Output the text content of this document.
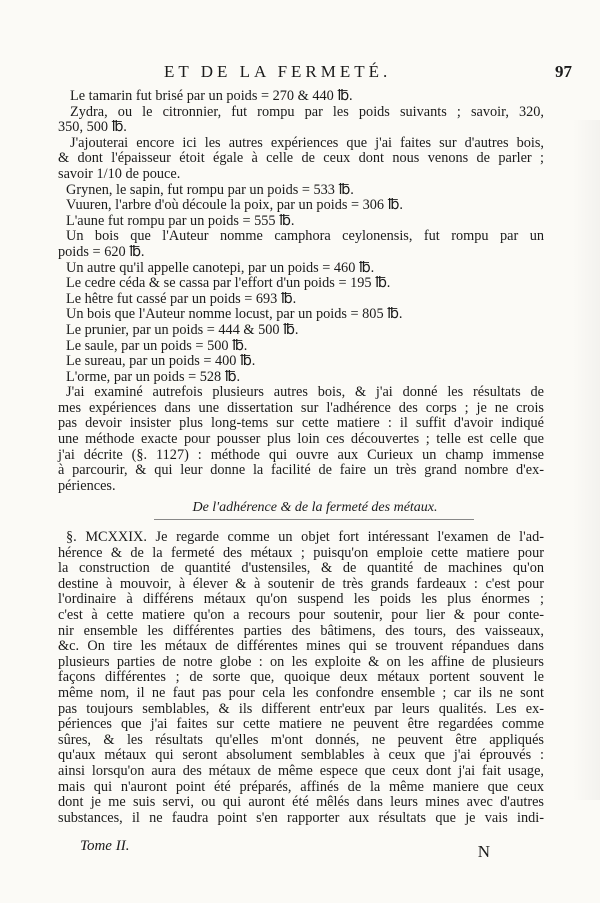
ET DE LA FERMETÉ.	97
Le tamarin fut brisé par un poids = 270 & 440 ℔.
Zydra, ou le citronnier, fut rompu par les poids suivants ; savoir, 320,
350, 500 ℔.
J'ajouterai encore ici les autres expériences que j'ai faites sur d'autres bois,
& dont l'épaisseur étoit égale à celle de ceux dont nous venons de parler ;
savoir 1/10 de pouce.
Grynen, le sapin, fut rompu par un poids = 533 ℔.
Vuuren, l'arbre d'où découle la poix, par un poids = 306 ℔.
L'aune fut rompu par un poids = 555 ℔.
Un bois que l'Auteur nomme camphora ceylonensis, fut rompu par un
poids = 620 ℔.
Un autre qu'il appelle canotepi, par un poids = 460 ℔.
Le cedre céda & se cassa par l'effort d'un poids = 195 ℔.
Le hêtre fut cassé par un poids = 693 ℔.
Un bois que l'Auteur nomme locust, par un poids = 805 ℔.
Le prunier, par un poids = 444 & 500 ℔.
Le saule, par un poids = 500 ℔.
Le sureau, par un poids = 400 ℔.
L'orme, par un poids = 528 ℔.
J'ai examiné autrefois plusieurs autres bois, & j'ai donné les résultats de
mes expériences dans une dissertation sur l'adhérence des corps ; je ne crois
pas devoir insister plus long-tems sur cette matiere : il suffit d'avoir indiqué
une méthode exacte pour pousser plus loin ces découvertes ; telle est celle que
j'ai décrite (§. 1127) : méthode qui ouvre aux Curieux un champ immense
à parcourir, & qui leur donne la facilité de faire un très grand nombre d'ex-
périences.
De l'adhérence & de la fermeté des métaux.
§. MCXXIX. Je regarde comme un objet fort intéressant l'examen de l'ad-
hérence & de la fermeté des métaux ; puisqu'on emploie cette matiere pour
la construction de quantité d'ustensiles, & de quantité de machines qu'on
destine à mouvoir, à élever & à soutenir de très grands fardeaux : c'est pour
l'ordinaire à différens métaux qu'on suspend les poids les plus énormes ;
c'est à cette matiere qu'on a recours pour soutenir, pour lier & pour conte-
nir ensemble les différentes parties des bâtimens, des tours, des vaisseaux,
&c. On tire les métaux de différentes mines qui se trouvent répandues dans
plusieurs parties de notre globe : on les exploite & on les affine de plusieurs
façons différentes ; de sorte que, quoique deux métaux portent souvent le
même nom, il ne faut pas pour cela les confondre ensemble ; car ils ne sont
pas toujours semblables, & ils different entr'eux par leurs qualités. Les ex-
périences que j'ai faites sur cette matiere ne peuvent être regardées comme
sûres, & les résultats qu'elles m'ont donnés, ne peuvent être appliqués
qu'aux métaux qui seront absolument semblables à ceux que j'ai éprouvés :
ainsi lorsqu'on aura des métaux de même espece que ceux dont j'ai fait usage,
mais qui n'auront point été préparés, affinés de la même maniere que ceux
dont je me suis servi, ou qui auront été mêlés dans leurs mines avec d'autres
substances, il ne faudra point s'en rapporter aux résultats que je vais indi-
Tome II.	N
